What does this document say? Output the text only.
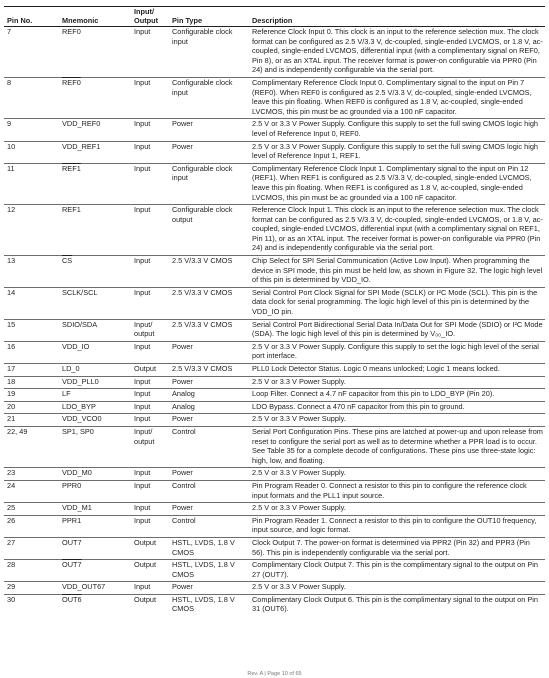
Pin No.	Mnemonic	Input/ Output	Pin Type	Description
7	REF0	Input	Configurable clock input	Reference Clock Input 0. This clock is an input to the reference selection mux. The clock format can be configured as 2.5 V/3.3 V, dc-coupled, single-ended LVCMOS, or 1.8 V, ac-coupled, single-ended LVCMOS, differential input (with a complimentary signal on REF0, Pin 8), or as an XTAL input. The receiver format is power-on configurable via PPR0 (Pin 24) and is independently configurable via the serial port.
8	REF0	Input	Configurable clock input	Complimentary Reference Clock Input 0. Complimentary signal to the input on Pin 7 (REF0). When REF0 is configured as 2.5 V/3.3 V, dc-coupled, single-ended LVCMOS, leave this pin floating. When REF0 is configured as 1.8 V, ac-coupled, single-ended LVCMOS, this pin must be ac grounded via a 100 nF capacitor.
9	VDD_REF0	Input	Power	2.5 V or 3.3 V Power Supply. Configure this supply to set the full swing CMOS logic high level of Reference Input 0, REF0.
10	VDD_REF1	Input	Power	2.5 V or 3.3 V Power Supply. Configure this supply to set the full swing CMOS logic high level of Reference Input 1, REF1.
11	REF1	Input	Configurable clock input	Complimentary Reference Clock Input 1. Complimentary signal to the input on Pin 12 (REF1). When REF1 is configured as 2.5 V/3.3 V, dc-coupled, single-ended LVCMOS, leave this pin floating. When REF1 is configured as 1.8 V, ac-coupled, single-ended LVCMOS, this pin must be ac grounded via a 100 nF capacitor.
12	REF1	Input	Configurable clock output	Reference Clock Input 1. This clock is an input to the reference selection mux. The clock format can be configured as 2.5 V/3.3 V, dc-coupled, single-ended LVCMOS, or 1.8 V, ac-coupled, single-ended LVCMOS, differential input (with a complimentary signal on REF1, Pin 11), or as an XTAL input. The receiver format is power-on configurable via PPR0 (Pin 24) and is independently configurable via the serial port.
13	$\overline{CS}$	Input	2.5 V/3.3 V CMOS	Chip Select for SPI Serial Communication (Active Low Input). When programming the device in SPI mode, this pin must be held low, as shown in Figure 32. The logic high level of this pin is determined by VDD_IO.
14	SCLK/SCL	Input	2.5 V/3.3 V CMOS	Serial Control Port Clock Signal for SPI Mode (SCLK) or I²C Mode (SCL). This pin is the data clock for serial programming. The logic high level of this pin is determined by the VDD_IO pin.
15	SDIO/SDA	Input/ output	2.5 V/3.3 V CMOS	Serial Control Port Bidirectional Serial Data In/Data Out for SPI Mode (SDIO) or I²C Mode (SDA). The logic high level of this pin is determined by V₀₀_IO.
16	VDD_IO	Input	Power	2.5 V or 3.3 V Power Supply. Configure this supply to set the logic high level of the serial port interface.
17	LD_0	Output	2.5 V/3.3 V CMOS	PLL0 Lock Detector Status. Logic 0 means unlocked; Logic 1 means locked.
18	VDD_PLL0	Input	Power	2.5 V or 3.3 V Power Supply.
19	LF	Input	Analog	Loop Filter. Connect a 4.7 nF capacitor from this pin to LDO_BYP (Pin 20).
20	LDO_BYP	Input	Analog	LDO Bypass. Connect a 470 nF capacitor from this pin to ground.
21	VDD_VCO0	Input	Power	2.5 V or 3.3 V Power Supply.
22, 49	SP1, SP0	Input/ output	Control	Serial Port Configuration Pins. These pins are latched at power-up and upon release from reset to configure the serial port as well as to determine whether a PPR load is to occur. See Table 35 for a complete decode of configurations. These pins use three-state logic: high, low, and floating.
23	VDD_M0	Input	Power	2.5 V or 3.3 V Power Supply.
24	PPR0	Input	Control	Pin Program Reader 0. Connect a resistor to this pin to configure the reference clock input formats and the PLL1 input source.
25	VDD_M1	Input	Power	2.5 V or 3.3 V Power Supply.
26	PPR1	Input	Control	Pin Program Reader 1. Connect a resistor to this pin to configure the OUT10 frequency, input source, and logic format.
27	OUT7	Output	HSTL, LVDS, 1.8 V CMOS	Clock Output 7. The power-on format is determined via PPR2 (Pin 32) and PPR3 (Pin 56). This pin is independently configurable via the serial port.
28	OUT7	Output	HSTL, LVDS, 1.8 V CMOS	Complimentary Clock Output 7. This pin is the complimentary signal to the output on Pin 27 (OUT7).
29	VDD_OUT67	Input	Power	2.5 V or 3.3 V Power Supply.
30	OUT6	Output	HSTL, LVDS, 1.8 V CMOS	Complimentary Clock Output 6. This pin is the complimentary signal to the output on Pin 31 (OUT6).
Rev. A | Page 10 of 65
